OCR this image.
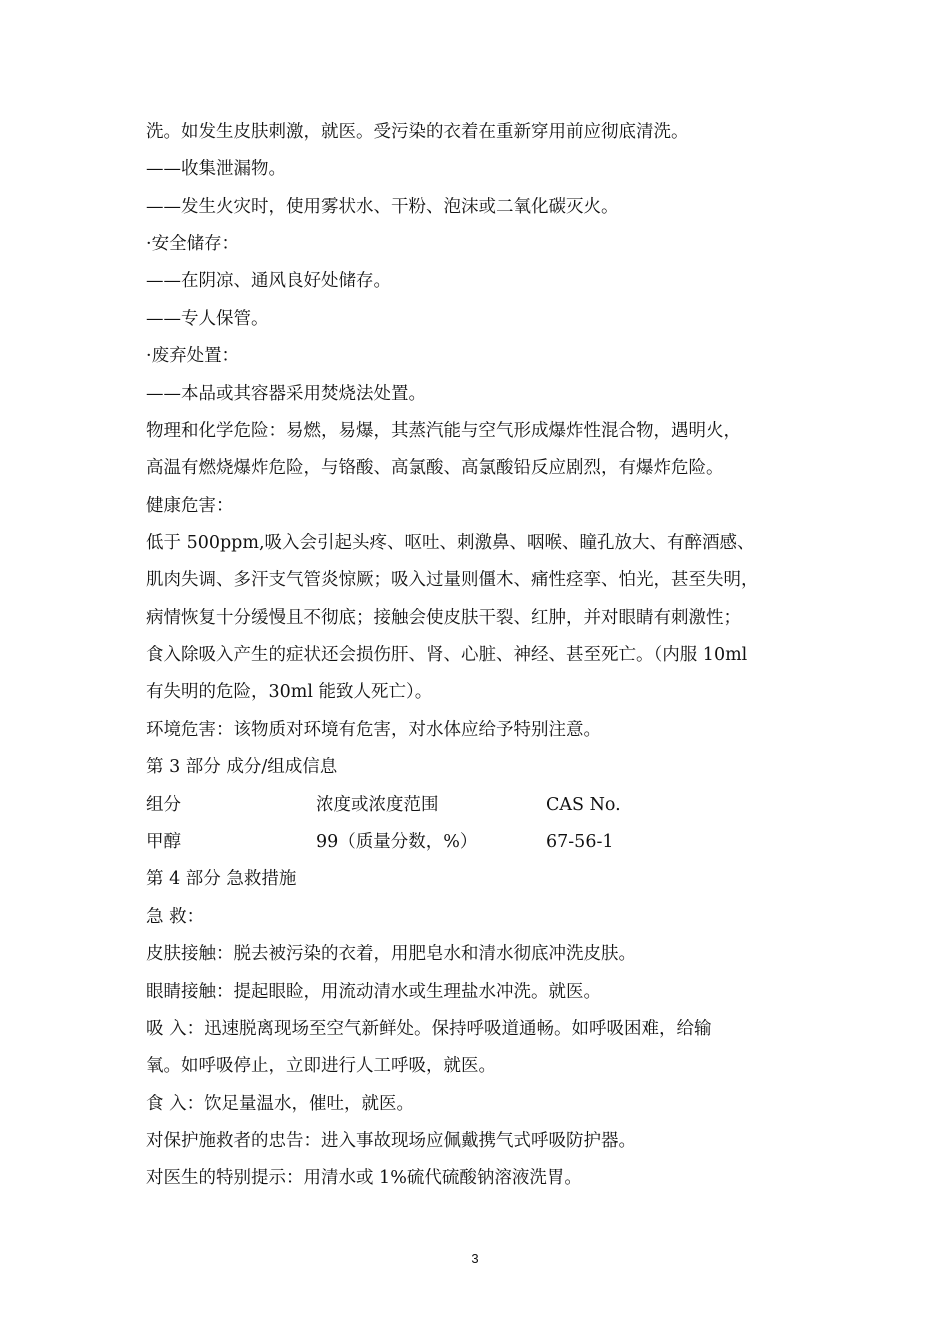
洗。如发生皮肤刺激，就医。受污染的衣着在重新穿用前应彻底清洗。
——收集泄漏物。
——发生火灾时，使用雾状水、干粉、泡沫或二氧化碳灭火。
·安全储存：
——在阴凉、通风良好处储存。
——专人保管。
·废弃处置：
——本品或其容器采用焚烧法处置。
物理和化学危险：易燃，易爆，其蒸汽能与空气形成爆炸性混合物，遇明火，
高温有燃烧爆炸危险，与铬酸、高氯酸、高氯酸铅反应剧烈，有爆炸危险。
健康危害：
低于 500ppm,吸入会引起头疼、呕吐、刺激鼻、咽喉、瞳孔放大、有醉酒感、
肌肉失调、多汗支气管炎惊厥；吸入过量则僵木、痛性痉挛、怕光，甚至失明，
病情恢复十分缓慢且不彻底；接触会使皮肤干裂、红肿，并对眼睛有刺激性；
食入除吸入产生的症状还会损伤肝、肾、心脏、神经、甚至死亡。（内服 10ml
有失明的危险，30ml 能致人死亡）。
环境危害：该物质对环境有危害，对水体应给予特别注意。
第 3 部分 成分/组成信息
组分	浓度或浓度范围	CAS No.
甲醇	99（质量分数，%）	67-56-1
第 4 部分 急救措施
急 救：
皮肤接触：脱去被污染的衣着，用肥皂水和清水彻底冲洗皮肤。
眼睛接触：提起眼睑，用流动清水或生理盐水冲洗。就医。
吸 入：迅速脱离现场至空气新鲜处。保持呼吸道通畅。如呼吸困难，给输
氧。如呼吸停止，立即进行人工呼吸，就医。
食 入：饮足量温水，催吐，就医。
对保护施救者的忠告：进入事故现场应佩戴携气式呼吸防护器。
对医生的特别提示：用清水或 1%硫代硫酸钠溶液洗胃。
3
